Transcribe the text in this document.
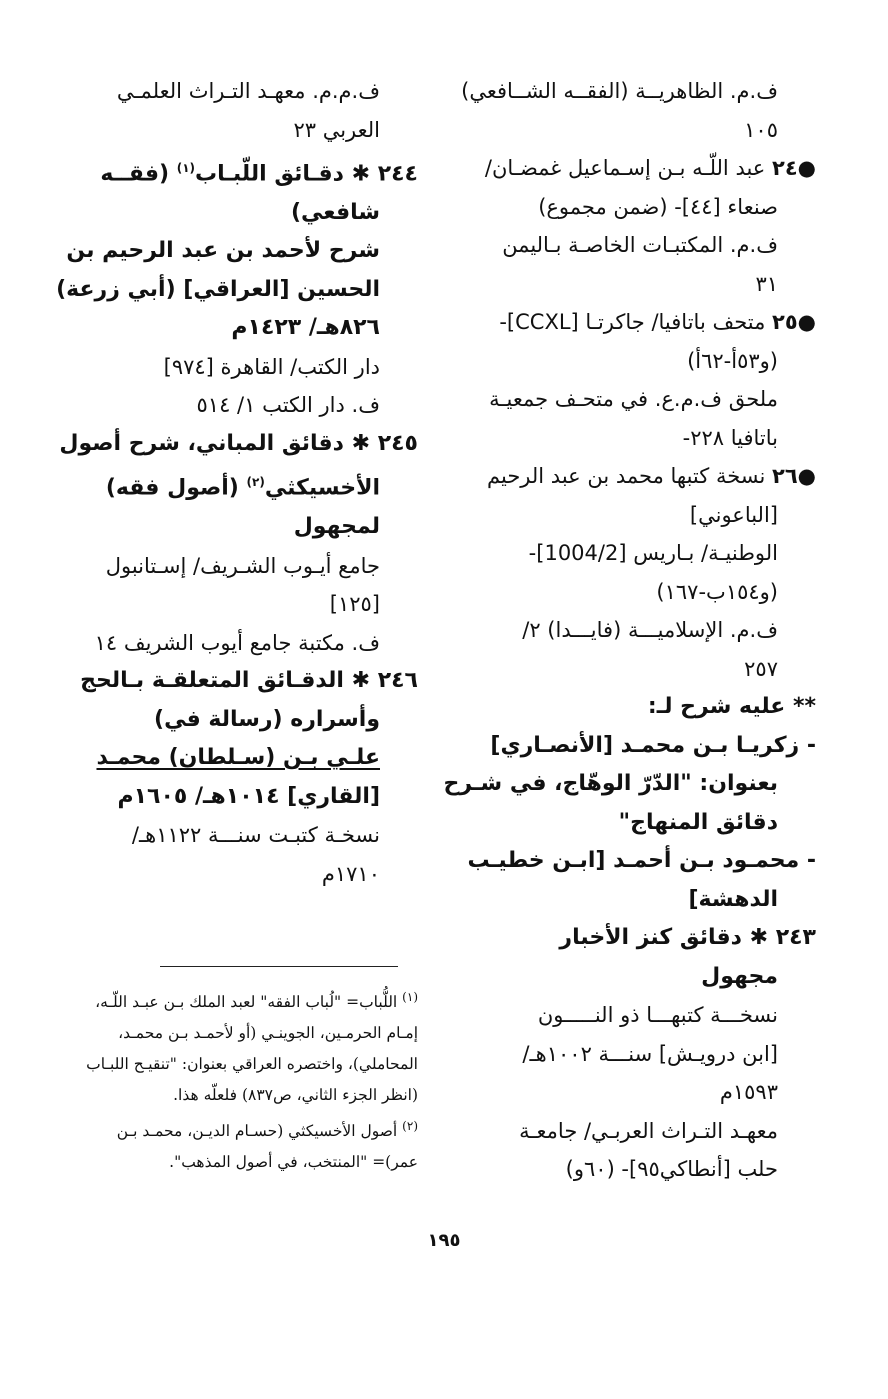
ف.م. الظاهريــة (الفقــه الشــافعي)
١٠٥
●٢٤ عبد اللّـه بـن إسـماعيل غمضـان/
صنعاء [٤٤]- (ضمن مجموع)
ف.م. المكتبـات الخاصـة بـاليمن
٣١
●٢٥ متحف باتافيا/ جاكرتـا [CCXL]-
(و٥٣أ-٦٢أ)
ملحق ف.م.ع. في متحـف جمعيـة
باتافيا ٢٢٨-
●٢٦ نسخة كتبها محمد بن عبد الرحيم
[الباعوني]
الوطنيـة/ بـاريس [1004/2]-
(و١٥٤ب-١٦٧)
ف.م. الإسلاميـــة (فايـــدا) ٢/
٢٥٧
** عليه شرح لـ:
- زكريـا بـن محمـد [الأنصـاري]
بعنوان: "الدّرّ الوهّاج، في شـرح
دقائق المنهاج"
- محمـود بـن أحمـد [ابـن خطيـب
الدهشة]
٢٤٣ ✱ دقائق كنز الأخبار
مجهول
نسخـــة كتبهـــا ذو النـــــون
[ابن درويـش] سنـــة ١٠٠٢هـ/
١٥٩٣م
معهـد التـراث العربـي/ جامعـة
حلب [أنطاكي٩٥]- (٦٠و)
ف.م.م. معهـد التـراث العلمـي
العربي ٢٣
٢٤٤ ✱ دقـائق اللّبـاب$^{(١)}$ (فقــه
شافعي)
شرح لأحمد بن عبد الرحيم بن
الحسين [العراقي] (أبي زرعة)
٨٢٦هـ/ ١٤٢٣م
دار الكتب/ القاهرة [٩٧٤]
ف. دار الكتب ١/ ٥١٤
٢٤٥ ✱ دقائق المباني، شرح أصول
الأخسيكثي$^{(٢)}$ (أصول فقه)
لمجهول
جامع أيـوب الشـريف/ إسـتانبول
[١٢٥]
ف. مكتبة جامع أيوب الشريف ١٤
٢٤٦ ✱ الدقـائق المتعلقـة بـالحج
وأسراره (رسالة في)
علـي بـن (سـلطان) محمـد
[القاري] ١٠١٤هـ/ ١٦٠٥م
نسخـة كتبـت سنـــة ١١٢٢هـ/
١٧١٠م
$^{(١)}$ اللُّباب= "لُباب الفقه" لعبد الملك بـن عبـد اللّـه،
إمـام الحرمـين، الجوينـي (أو لأحمـد بـن محمـد،
المحاملي)، واختصره العراقي بعنوان: "تنقيـح اللبـاب
(انظر الجزء الثاني، ص٨٣٧) فلعلّه هذا.
$^{(٢)}$ أصول الأخسيكثي (حسـام الديـن، محمـد بـن
عمر)= "المنتخب، في أصول المذهب".
١٩٥
